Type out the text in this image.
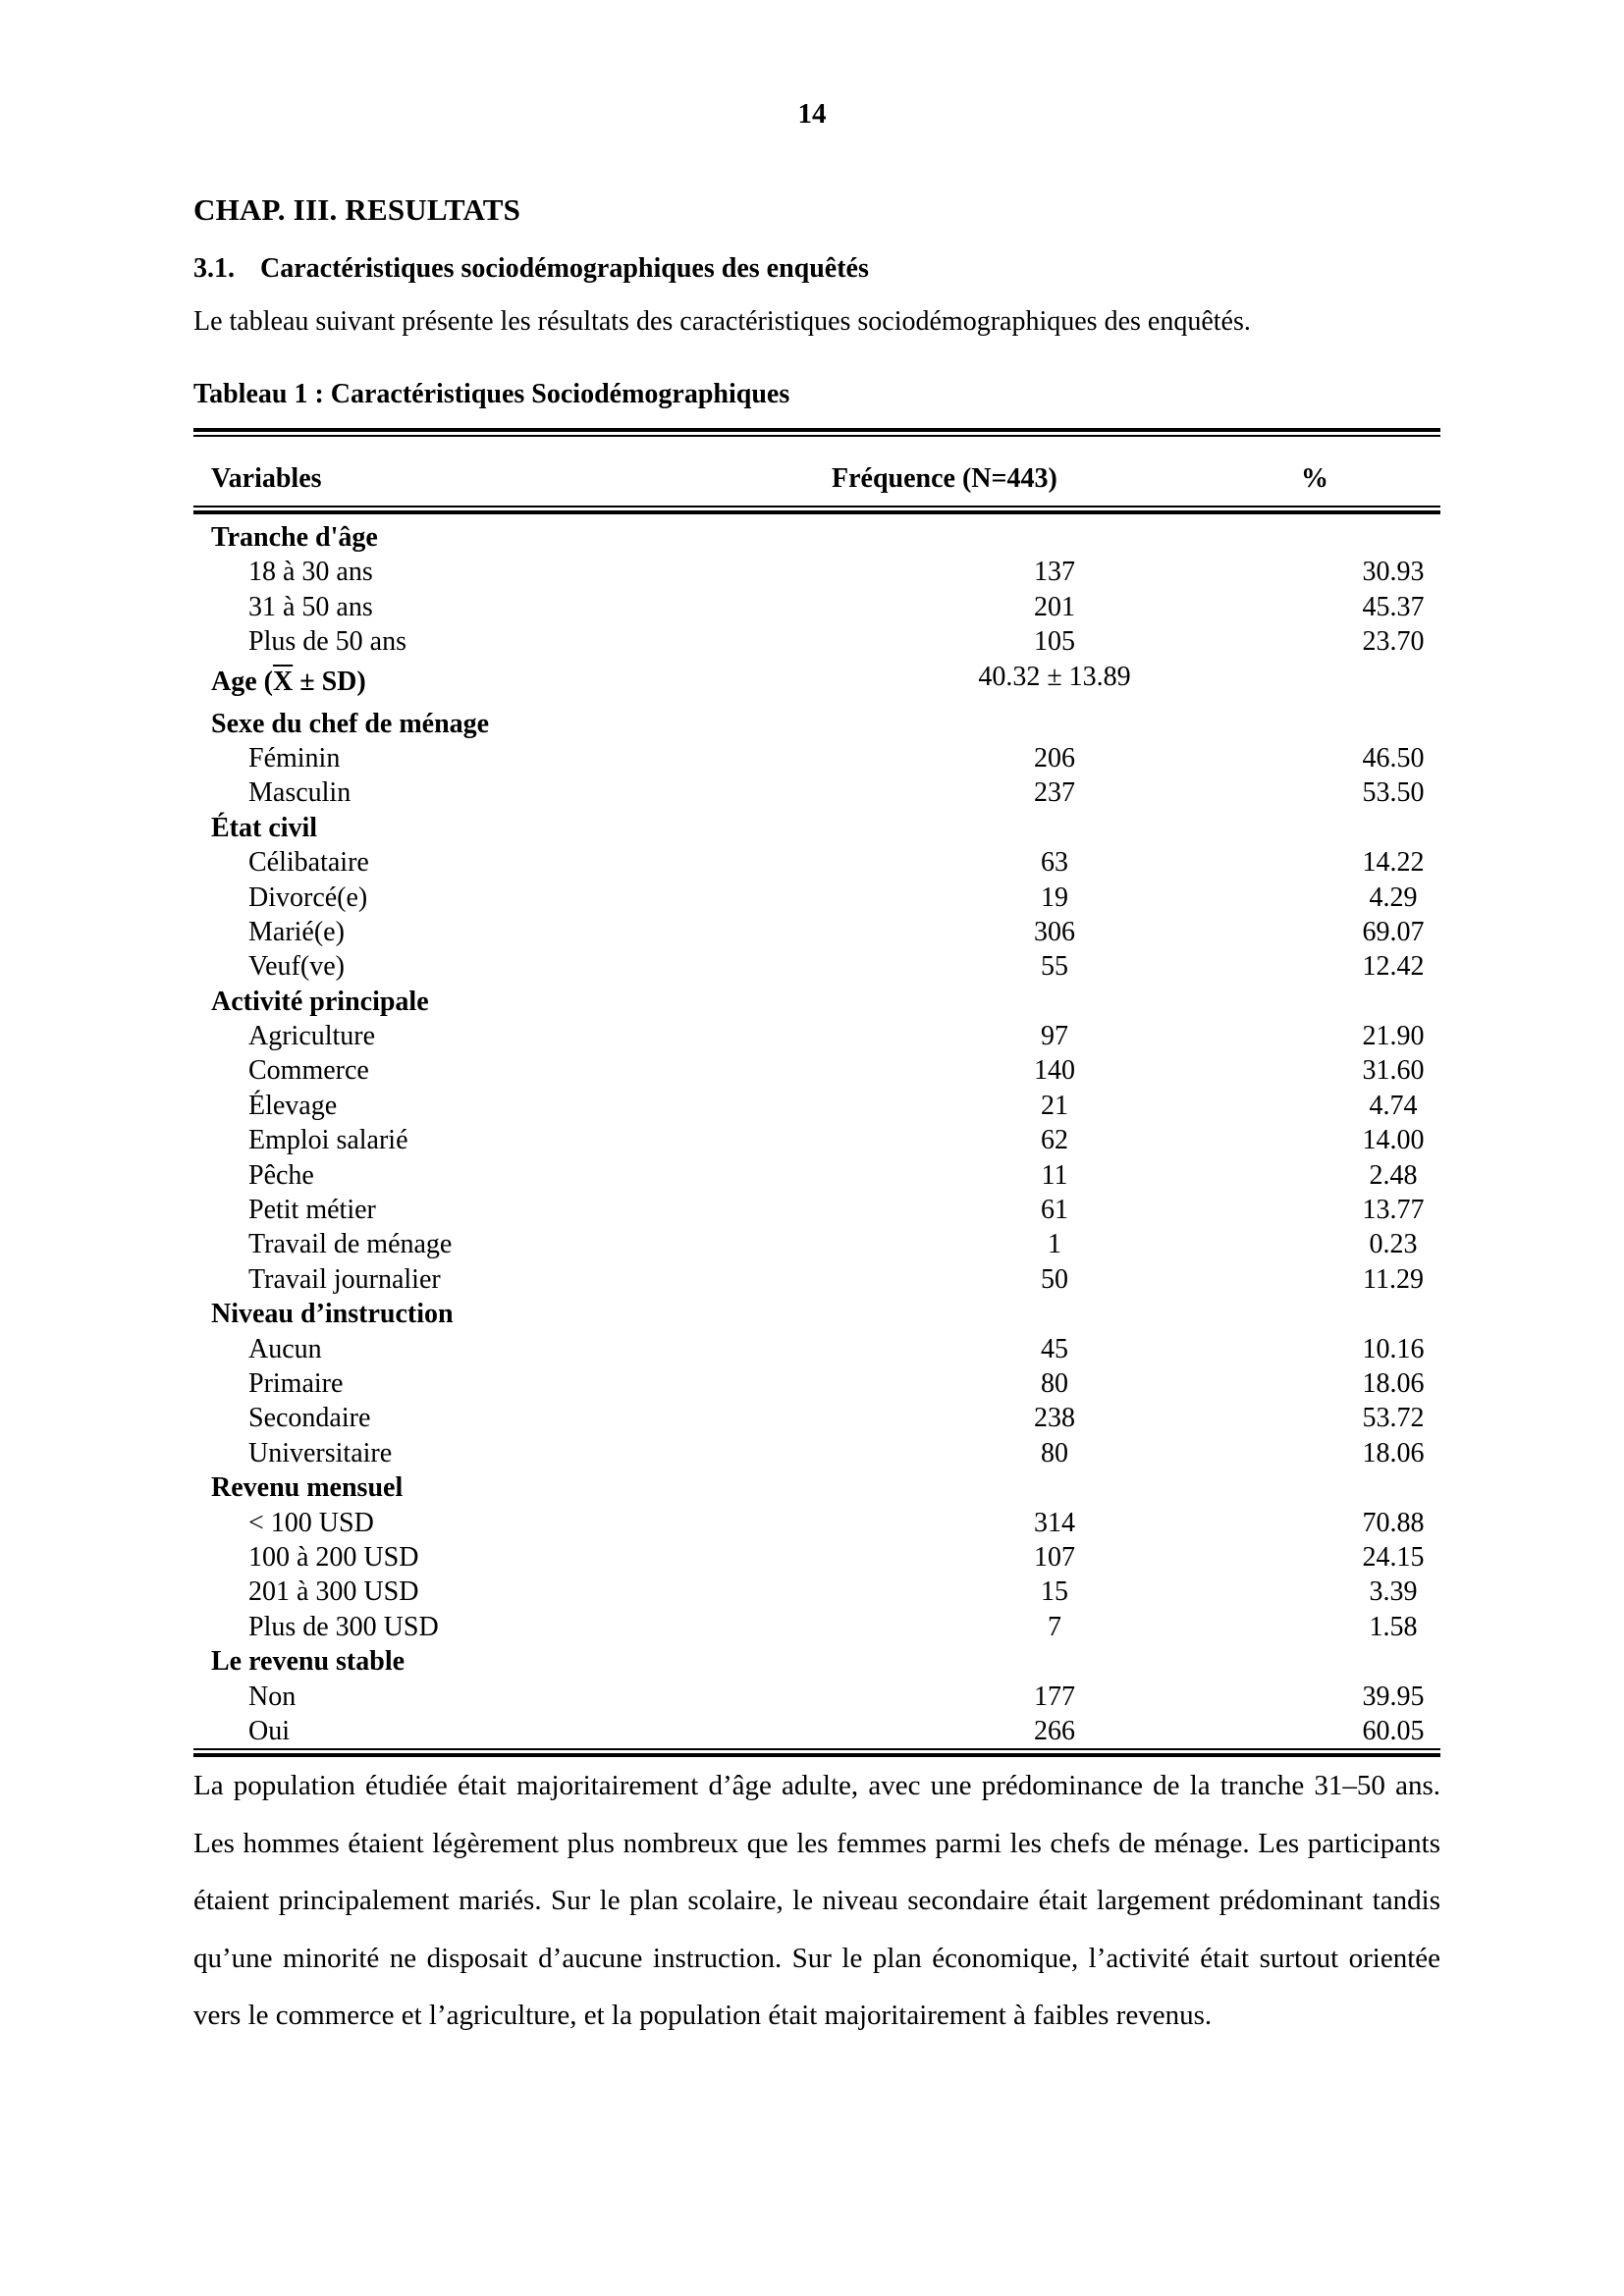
14
CHAP. III. RESULTATS
3.1. Caractéristiques sociodémographiques des enquêtés
Le tableau suivant présente les résultats des caractéristiques sociodémographiques des enquêtés.
Tableau 1 : Caractéristiques Sociodémographiques
Variables	Fréquence (N=443)	%
Tranche d'âge
18 à 30 ans	137	30.93
31 à 50 ans	201	45.37
Plus de 50 ans	105	23.70
Age $(\overline{X} \pm SD)$	40.32 ± 13.89
Sexe du chef de ménage
Féminin	206	46.50
Masculin	237	53.50
État civil
Célibataire	63	14.22
Divorcé(e)	19	4.29
Marié(e)	306	69.07
Veuf(ve)	55	12.42
Activité principale
Agriculture	97	21.90
Commerce	140	31.60
Élevage	21	4.74
Emploi salarié	62	14.00
Pêche	11	2.48
Petit métier	61	13.77
Travail de ménage	1	0.23
Travail journalier	50	11.29
Niveau d’instruction
Aucun	45	10.16
Primaire	80	18.06
Secondaire	238	53.72
Universitaire	80	18.06
Revenu mensuel
< 100 USD	314	70.88
100 à 200 USD	107	24.15
201 à 300 USD	15	3.39
Plus de 300 USD	7	1.58
Le revenu stable
Non	177	39.95
Oui	266	60.05
La population étudiée était majoritairement d’âge adulte, avec une prédominance de la tranche 31–50 ans. Les hommes étaient légèrement plus nombreux que les femmes parmi les chefs de ménage. Les participants étaient principalement mariés. Sur le plan scolaire, le niveau secondaire était largement prédominant tandis qu’une minorité ne disposait d’aucune instruction. Sur le plan économique, l’activité était surtout orientée vers le commerce et l’agriculture, et la population était majoritairement à faibles revenus.
